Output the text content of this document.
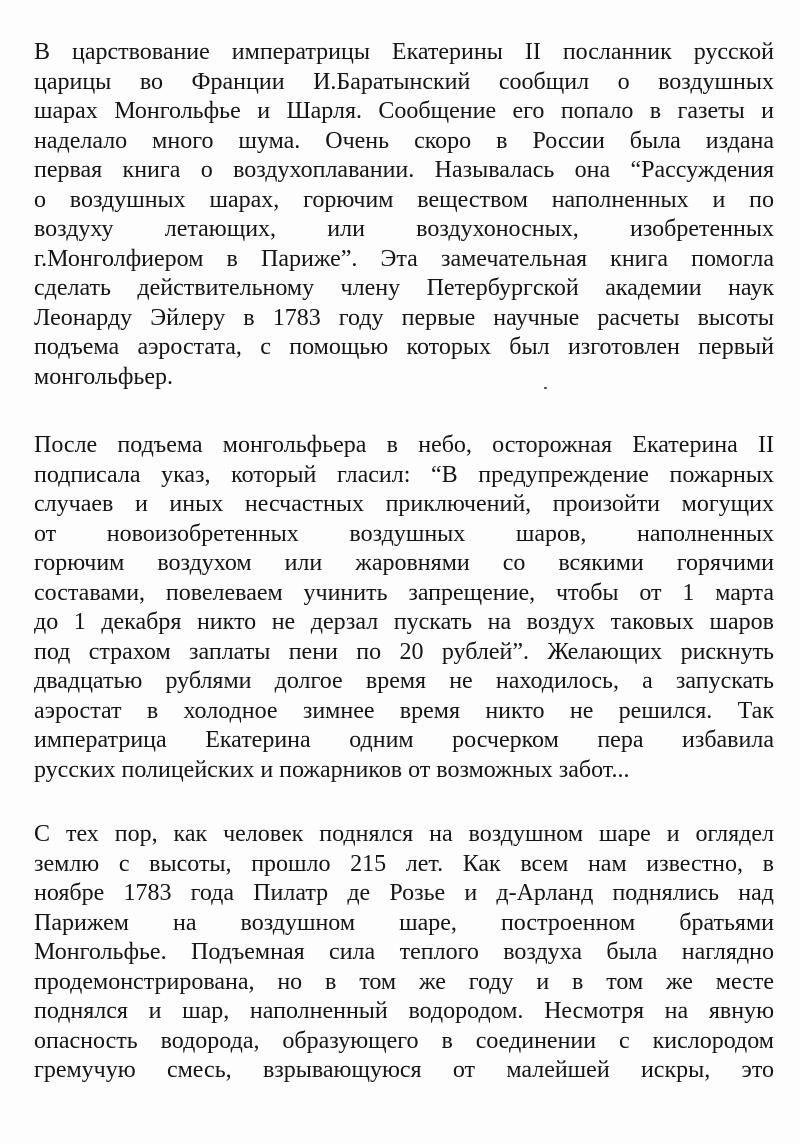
В царствование императрицы Екатерины II посланник русской
царицы во Франции И.Баратынский сообщил о воздушных
шарах Монгольфье и Шарля. Сообщение его попало в газеты и
наделало много шума. Очень скоро в России была издана
первая книга о воздухоплавании. Называлась она “Рассуждения
о воздушных шарах, горючим веществом наполненных и по
воздуху летающих, или воздухоносных, изобретенных
г.Монголфиером в Париже”. Эта замечательная книга помогла
сделать действительному члену Петербургской академии наук
Леонарду Эйлеру в 1783 году первые научные расчеты высоты
подъема аэростата, с помощью которых был изготовлен первый
монгольфьер.
После подъема монгольфьера в небо, осторожная Екатерина II
подписала указ, который гласил: “В предупреждение пожарных
случаев и иных несчастных приключений, произойти могущих
от новоизобретенных воздушных шаров, наполненных
горючим воздухом или жаровнями со всякими горячими
составами, повелеваем учинить запрещение, чтобы от 1 марта
до 1 декабря никто не дерзал пускать на воздух таковых шаров
под страхом заплаты пени по 20 рублей”. Желающих рискнуть
двадцатью рублями долгое время не находилось, а запускать
аэростат в холодное зимнее время никто не решился. Так
императрица Екатерина одним росчерком пера избавила
русских полицейских и пожарников от возможных забот...
С тех пор, как человек поднялся на воздушном шаре и оглядел
землю с высоты, прошло 215 лет. Как всем нам известно, в
ноябре 1783 года Пилатр де Розье и д-Арланд поднялись над
Парижем на воздушном шаре, построенном братьями
Монгольфье. Подъемная сила теплого воздуха была наглядно
продемонстрирована, но в том же году и в том же месте
поднялся и шар, наполненный водородом. Несмотря на явную
опасность водорода, образующего в соединении с кислородом
гремучую смесь, взрывающуюся от малейшей искры, это
